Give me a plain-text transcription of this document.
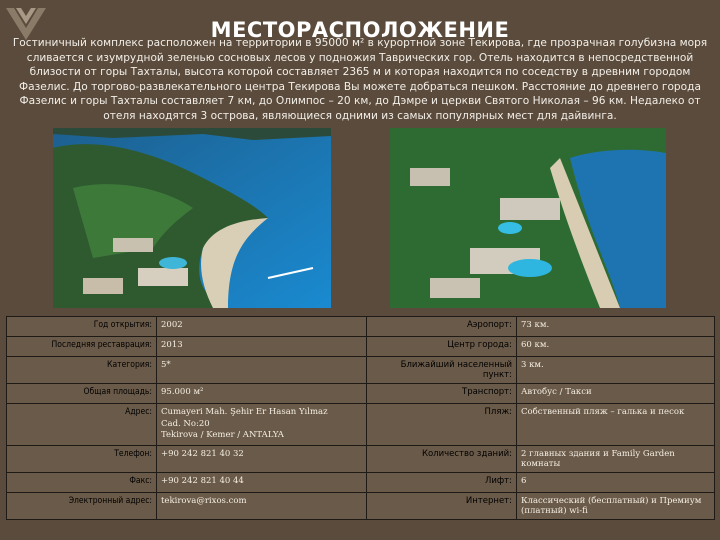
МЕСТОРАСПОЛОЖЕНИЕ
Гостиничный комплекс расположен на территории в 95000 м² в курортной зоне Текирова, где прозрачная голубизна моря сливается с изумрудной зеленью сосновых лесов у подножия Таврических гор. Отель находится в непосредственной близости от горы Тахталы, высота которой составляет 2365 м и которая находится по соседству в древним городом Фазелис. До торгово-развлекательного центра Текирова Вы можете добраться пешком. Расстояние до древнего города Фазелис и горы Тахталы составляет 7 км, до Олимпос – 20 км, до Дэмре и церкви Святого Николая – 96 км. Недалеко от отеля находятся 3 острова, являющиеся одними из самых популярных мест для дайвинга.
Год открытия:	2002	Аэропорт:	73 км.
Последняя реставрация:	2013	Центр города:	60 км.
Категория:	5*	Ближайший населенный пункт:	3 км.
Общая площадь:	95.000 м²	Транспорт:	Автобус / Такси
Адрес:	Cumayeri Mah. Şehir Er Hasan Yılmaz
Cad. No:20
Tekirova / Kemer / ANTALYA	Пляж:	Собственный пляж – галька и песок
Телефон:	+90 242 821 40 32	Количество зданий:	2 главных здания и Family Garden комнаты
Факс:	+90 242 821 40 44	Лифт:	6
Электронный адрес:	tekirova@rixos.com	Интернет:	Классический (бесплатный) и Премиум (платный) wi-fi
